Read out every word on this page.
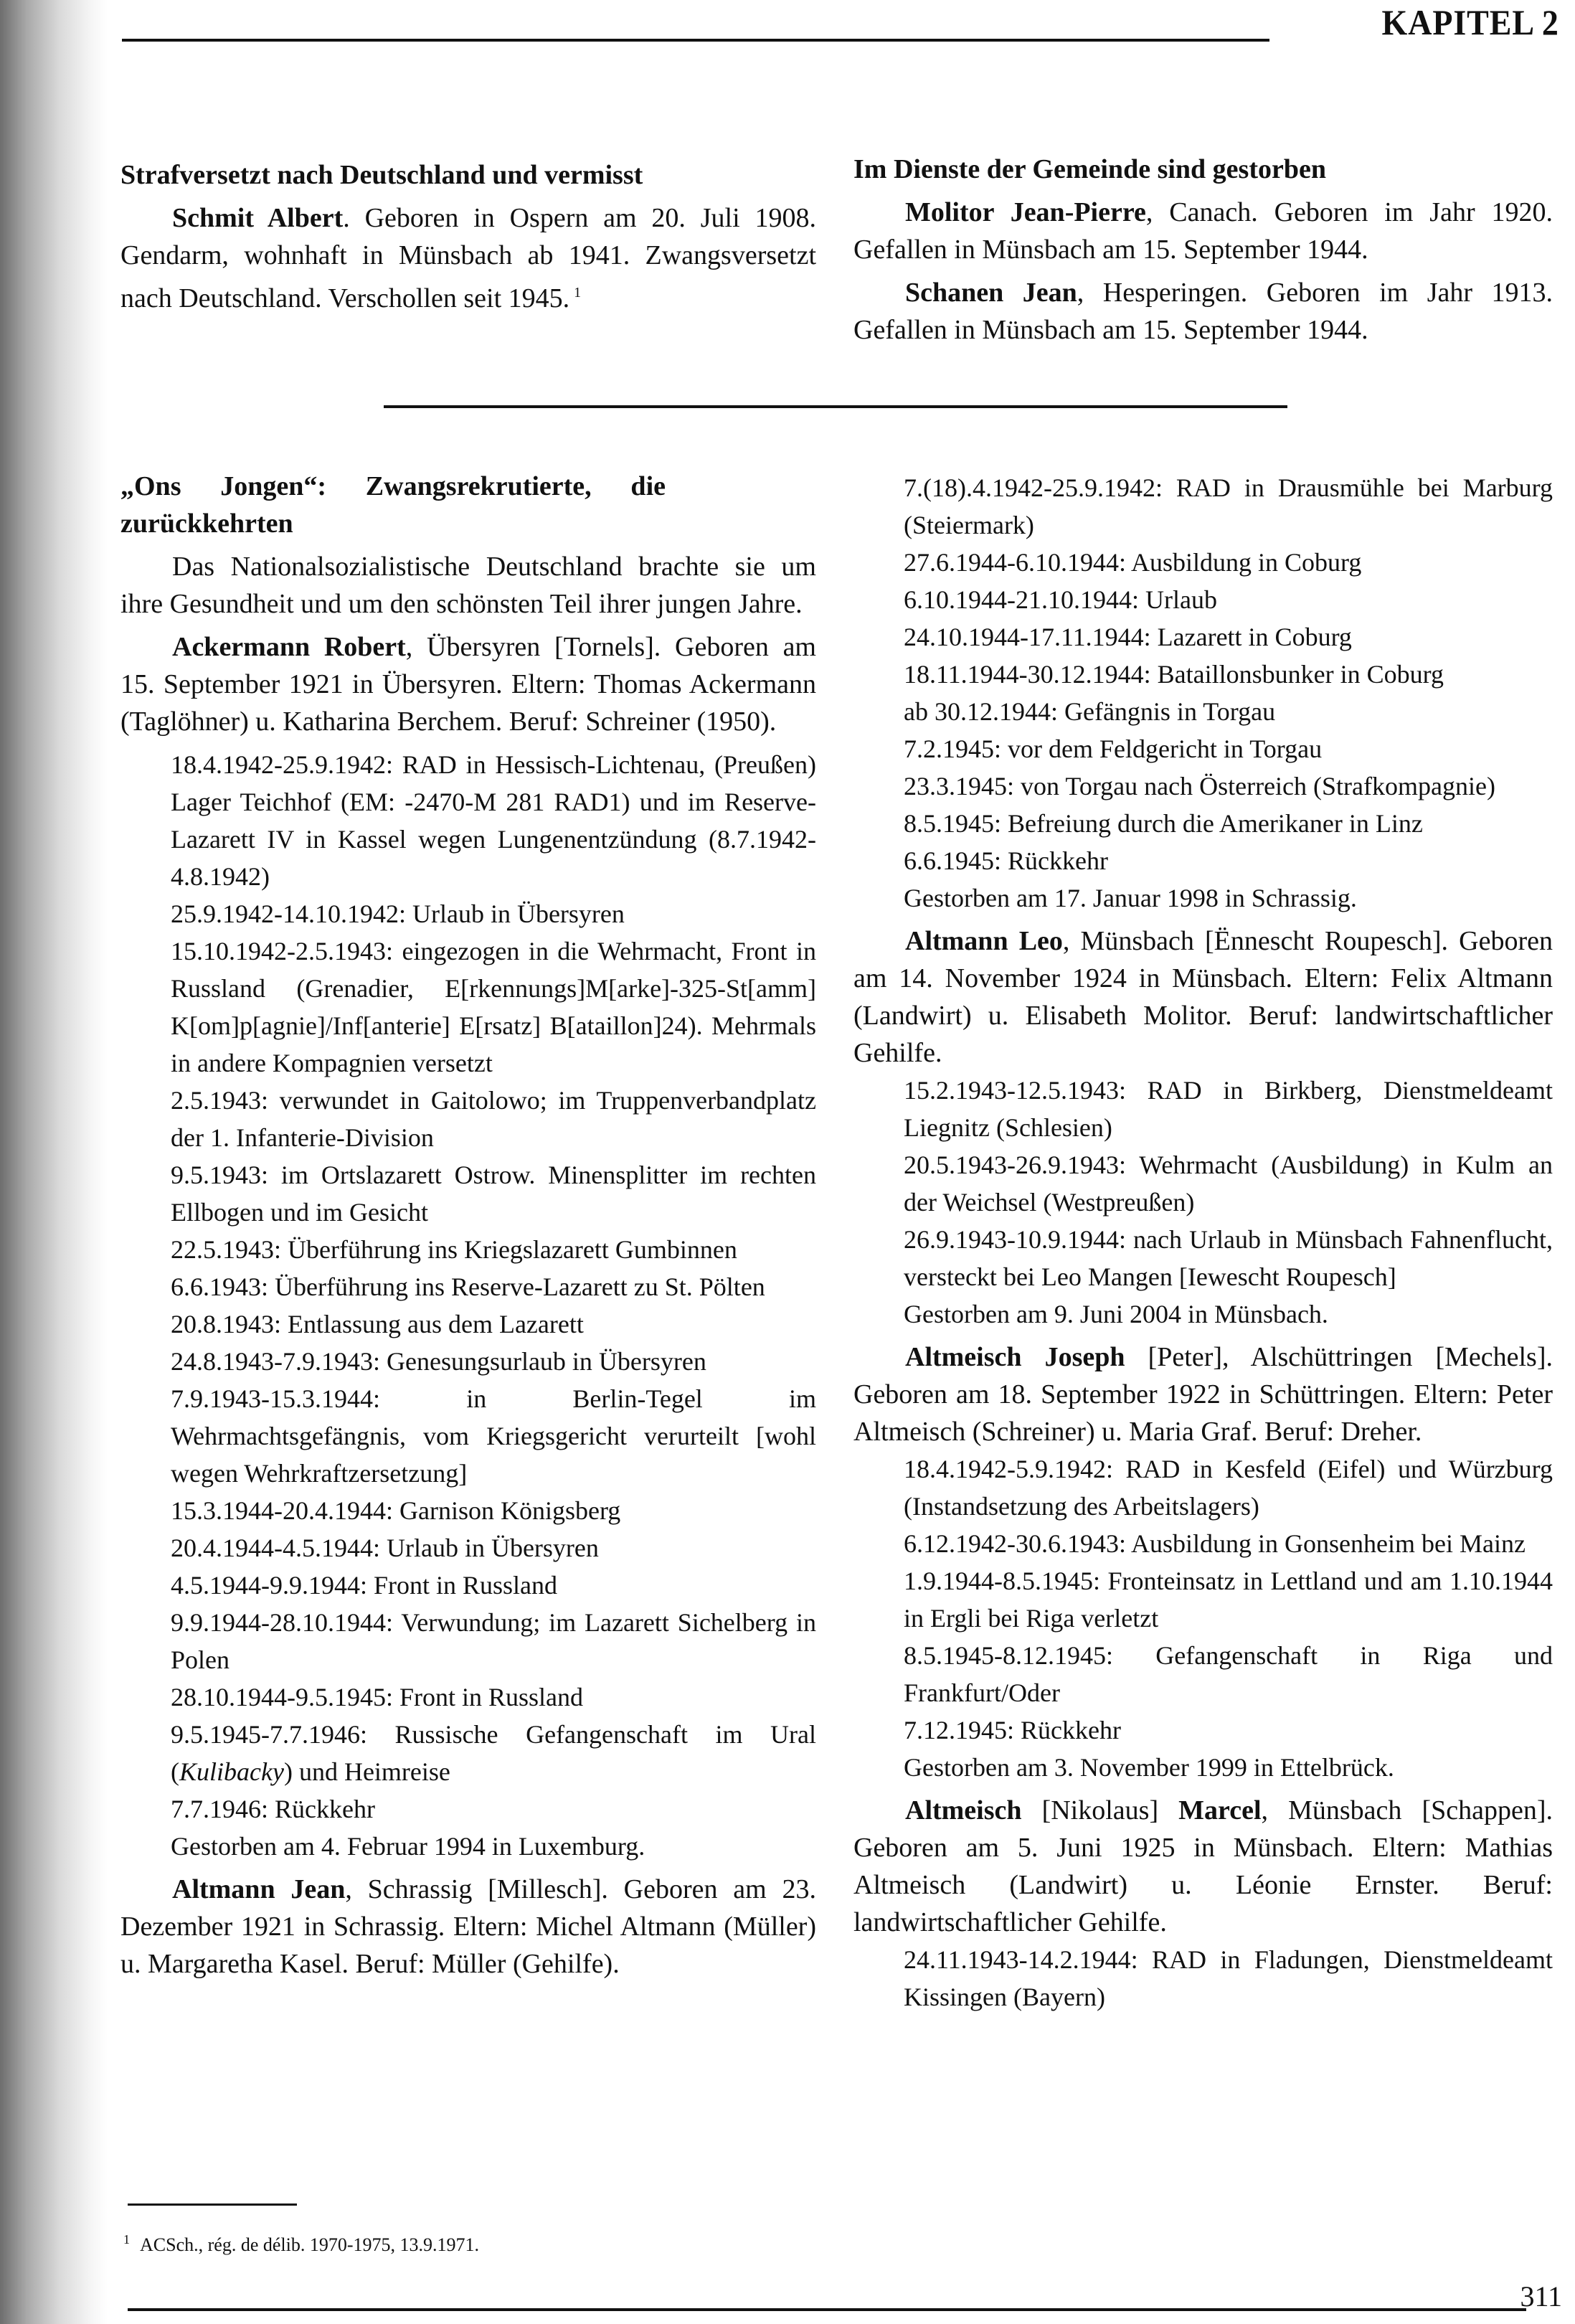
KAPITEL 2

Strafversetzt nach Deutschland und vermisst

Schmit Albert. Geboren in Ospern am 20. Juli 1908. Gendarm, wohnhaft in Münsbach ab 1941. Zwangsversetzt nach Deutschland. Verschollen seit 1945. $^1$

Im Dienste der Gemeinde sind gestorben

Molitor Jean-Pierre, Canach. Geboren im Jahr 1920. Gefallen in Münsbach am 15. September 1944.

Schanen Jean, Hesperingen. Geboren im Jahr 1913. Gefallen in Münsbach am 15. September 1944.

„Ons Jongen“: Zwangsrekrutierte, die zurückkehrten

Das Nationalsozialistische Deutschland brachte sie um ihre Gesundheit und um den schönsten Teil ihrer jungen Jahre.

Ackermann Robert, Übersyren [Tornels]. Geboren am 15. September 1921 in Übersyren. Eltern: Thomas Ackermann (Taglöhner) u. Katharina Berchem. Beruf: Schreiner (1950).

18.4.1942-25.9.1942: RAD in Hessisch-Lichtenau, (Preußen) Lager Teichhof (EM: -2470-M 281 RAD1) und im Reserve-Lazarett IV in Kassel wegen Lungenentzündung (8.7.1942-4.8.1942)

25.9.1942-14.10.1942: Urlaub in Übersyren

15.10.1942-2.5.1943: eingezogen in die Wehrmacht, Front in Russland (Grenadier, E[rkennungs]M[arke]-325-St[amm] K[om]p[agnie]/Inf[anterie] E[rsatz] B[ataillon]24). Mehrmals in andere Kompagnien versetzt

2.5.1943: verwundet in Gaitolowo; im Truppenverbandplatz der 1. Infanterie-Division

9.5.1943: im Ortslazarett Ostrow. Minensplitter im rechten Ellbogen und im Gesicht

22.5.1943: Überführung ins Kriegslazarett Gumbinnen

6.6.1943: Überführung ins Reserve-Lazarett zu St. Pölten

20.8.1943: Entlassung aus dem Lazarett

24.8.1943-7.9.1943: Genesungsurlaub in Übersyren

7.9.1943-15.3.1944: in Berlin-Tegel im Wehrmachtsgefängnis, vom Kriegsgericht verurteilt [wohl wegen Wehrkraftzersetzung]

15.3.1944-20.4.1944: Garnison Königsberg

20.4.1944-4.5.1944: Urlaub in Übersyren

4.5.1944-9.9.1944: Front in Russland

9.9.1944-28.10.1944: Verwundung; im Lazarett Sichelberg in Polen

28.10.1944-9.5.1945: Front in Russland

9.5.1945-7.7.1946: Russische Gefangenschaft im Ural (Kulibacky) und Heimreise

7.7.1946: Rückkehr

Gestorben am 4. Februar 1994 in Luxemburg.

Altmann Jean, Schrassig [Millesch]. Geboren am 23. Dezember 1921 in Schrassig. Eltern: Michel Altmann (Müller) u. Margaretha Kasel. Beruf: Müller (Gehilfe).

7.(18).4.1942-25.9.1942: RAD in Drausmühle bei Marburg (Steiermark)

27.6.1944-6.10.1944: Ausbildung in Coburg

6.10.1944-21.10.1944: Urlaub

24.10.1944-17.11.1944: Lazarett in Coburg

18.11.1944-30.12.1944: Bataillonsbunker in Coburg

ab 30.12.1944: Gefängnis in Torgau

7.2.1945: vor dem Feldgericht in Torgau

23.3.1945: von Torgau nach Österreich (Strafkompagnie)

8.5.1945: Befreiung durch die Amerikaner in Linz

6.6.1945: Rückkehr

Gestorben am 17. Januar 1998 in Schrassig.

Altmann Leo, Münsbach [Ënnescht Roupesch]. Geboren am 14. November 1924 in Münsbach. Eltern: Felix Altmann (Landwirt) u. Elisabeth Molitor. Beruf: landwirtschaftlicher Gehilfe.

15.2.1943-12.5.1943: RAD in Birkberg, Dienstmeldeamt Liegnitz (Schlesien)

20.5.1943-26.9.1943: Wehrmacht (Ausbildung) in Kulm an der Weichsel (Westpreußen)

26.9.1943-10.9.1944: nach Urlaub in Münsbach Fahnenflucht, versteckt bei Leo Mangen [Iewescht Roupesch]

Gestorben am 9. Juni 2004 in Münsbach.

Altmeisch Joseph [Peter], Alschüttringen [Mechels]. Geboren am 18. September 1922 in Schüttringen. Eltern: Peter Altmeisch (Schreiner) u. Maria Graf. Beruf: Dreher.

18.4.1942-5.9.1942: RAD in Kesfeld (Eifel) und Würzburg (Instandsetzung des Arbeitslagers)

6.12.1942-30.6.1943: Ausbildung in Gonsenheim bei Mainz

1.9.1944-8.5.1945: Fronteinsatz in Lettland und am 1.10.1944 in Ergli bei Riga verletzt

8.5.1945-8.12.1945: Gefangenschaft in Riga und Frankfurt/Oder

7.12.1945: Rückkehr

Gestorben am 3. November 1999 in Ettelbrück.

Altmeisch [Nikolaus] Marcel, Münsbach [Schappen]. Geboren am 5. Juni 1925 in Münsbach. Eltern: Mathias Altmeisch (Landwirt) u. Léonie Ernster. Beruf: landwirtschaftlicher Gehilfe.

24.11.1943-14.2.1944: RAD in Fladungen, Dienstmeldeamt Kissingen (Bayern)

$^1$ ACSch., rég. de délib. 1970-1975, 13.9.1971.
311
